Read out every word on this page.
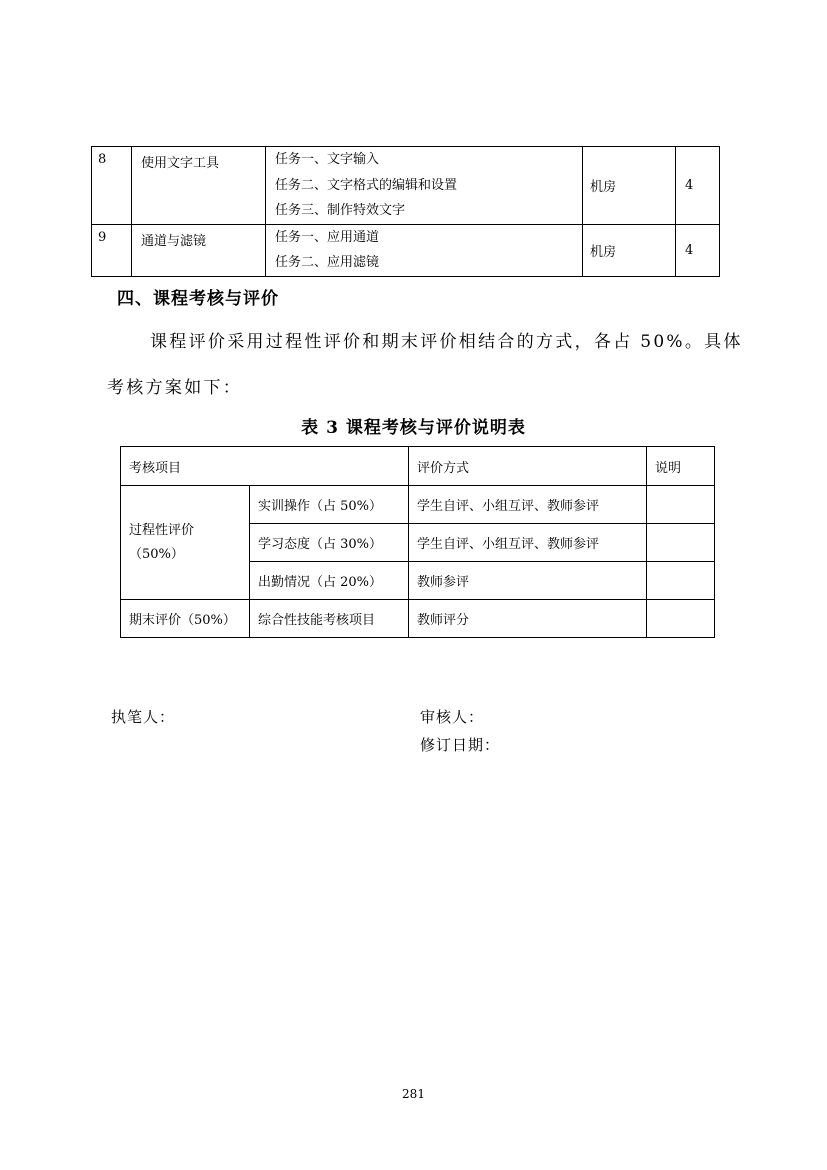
8	使用文字工具	任务一、文字输入
任务二、文字格式的编辑和设置
任务三、制作特效文字	机房	4
9	通道与滤镜	任务一、应用通道
任务二、应用滤镜	机房	4
四、课程考核与评价
课程评价采用过程性评价和期末评价相结合的方式，各占 50%。具体
考核方案如下：
表 3 课程考核与评价说明表
考核项目		评价方式	说明

过程性评价
（50%）	实训操作（占 50%）	学生自评、小组互评、教师参评	
	学习态度（占 30%）	学生自评、小组互评、教师参评	
	出勤情况（占 20%）	教师参评	
期末评价（50%）	综合性技能考核项目	教师评分	
执笔人：	审核人：
修订日期：
281
